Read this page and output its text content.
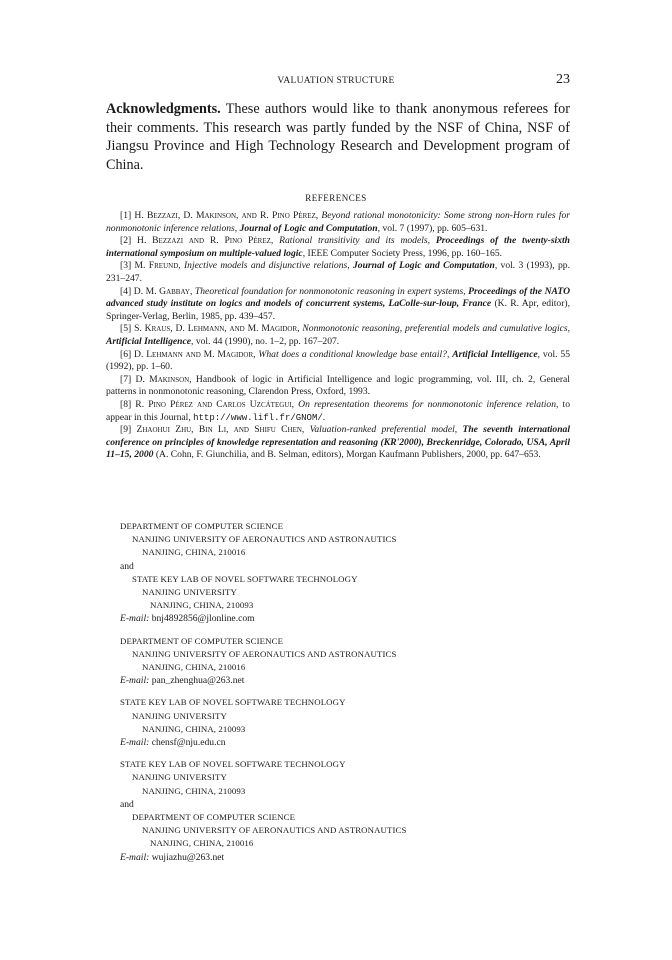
VALUATION STRUCTURE	23

Acknowledgments. These authors would like to thank anonymous referees for their comments. This research was partly funded by the NSF of China, NSF of Jiangsu Province and High Technology Research and Development program of China.

REFERENCES

[1] H. Bezzazi, D. Makinson, and R. Pino Pérez, Beyond rational monotonicity: Some strong non-Horn rules for nonmonotonic inference relations, Journal of Logic and Computation, vol. 7 (1997), pp. 605–631.

[2] H. Bezzazi and R. Pino Pérez, Rational transitivity and its models, Proceedings of the twenty-sixth international symposium on multiple-valued logic, IEEE Computer Society Press, 1996, pp. 160–165.

[3] M. Freund, Injective models and disjunctive relations, Journal of Logic and Computation, vol. 3 (1993), pp. 231–247.

[4] D. M. Gabbay, Theoretical foundation for nonmonotonic reasoning in expert systems, Proceedings of the NATO advanced study institute on logics and models of concurrent systems, LaColle-sur-loup, France (K. R. Apr, editor), Springer-Verlag, Berlin, 1985, pp. 439–457.

[5] S. Kraus, D. Lehmann, and M. Magidor, Nonmonotonic reasoning, preferential models and cumulative logics, Artificial Intelligence, vol. 44 (1990), no. 1–2, pp. 167–207.

[6] D. Lehmann and M. Magidor, What does a conditional knowledge base entail?, Artificial Intelligence, vol. 55 (1992), pp. 1–60.

[7] D. Makinson, Handbook of logic in Artificial Intelligence and logic programming, vol. III, ch. 2, General patterns in nonmonotonic reasoning, Clarendon Press, Oxford, 1993.

[8] R. Pino Pérez and Carlos Uzcátegui, On representation theorems for nonmonotonic inference relation, to appear in this Journal, http://www.lifl.fr/GNOM/.

[9] Zhaohui Zhu, Bin Li, and Shifu Chen, Valuation-ranked preferential model, The seventh international conference on principles of knowledge representation and reasoning (KR'2000), Breckenridge, Colorado, USA, April 11–15, 2000 (A. Cohn, F. Giunchilia, and B. Selman, editors), Morgan Kaufmann Publishers, 2000, pp. 647–653.

DEPARTMENT OF COMPUTER SCIENCE
NANJING UNIVERSITY OF AERONAUTICS AND ASTRONAUTICS
NANJING, CHINA, 210016
and
STATE KEY LAB OF NOVEL SOFTWARE TECHNOLOGY
NANJING UNIVERSITY
NANJING, CHINA, 210093
E-mail: bnj4892856@jlonline.com
DEPARTMENT OF COMPUTER SCIENCE
NANJING UNIVERSITY OF AERONAUTICS AND ASTRONAUTICS
NANJING, CHINA, 210016
E-mail: pan_zhenghua@263.net
STATE KEY LAB OF NOVEL SOFTWARE TECHNOLOGY
NANJING UNIVERSITY
NANJING, CHINA, 210093
E-mail: chensf@nju.edu.cn
STATE KEY LAB OF NOVEL SOFTWARE TECHNOLOGY
NANJING UNIVERSITY
NANJING, CHINA, 210093
and
DEPARTMENT OF COMPUTER SCIENCE
NANJING UNIVERSITY OF AERONAUTICS AND ASTRONAUTICS
NANJING, CHINA, 210016
E-mail: wujiazhu@263.net
